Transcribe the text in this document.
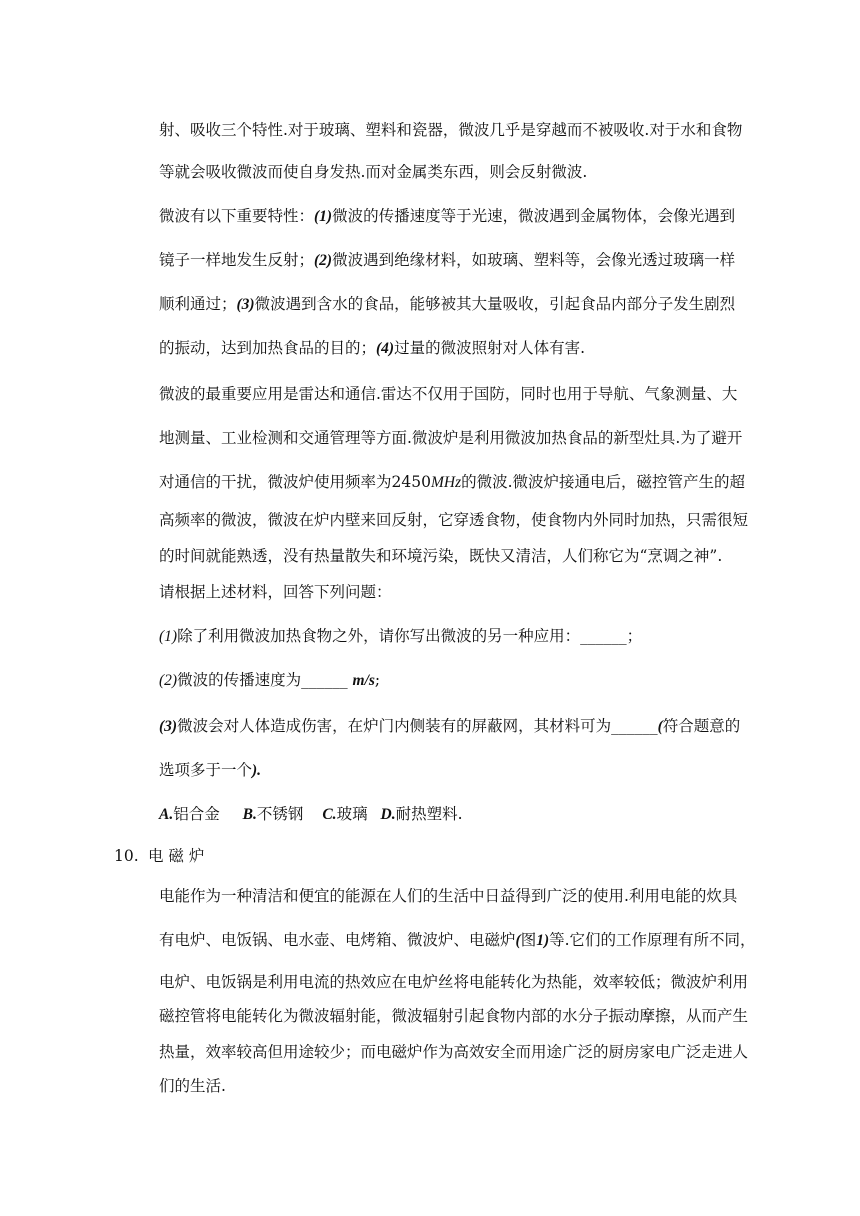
射、吸收三个特性.对于玻璃、塑料和瓷器，微波几乎是穿越而不被吸收.对于水和食物
等就会吸收微波而使自身发热.而对金属类东西，则会反射微波.
微波有以下重要特性：(1)微波的传播速度等于光速，微波遇到金属物体，会像光遇到
镜子一样地发生反射；(2)微波遇到绝缘材料，如玻璃、塑料等，会像光透过玻璃一样
顺利通过；(3)微波遇到含水的食品，能够被其大量吸收，引起食品内部分子发生剧烈
的振动，达到加热食品的目的；(4)过量的微波照射对人体有害.
微波的最重要应用是雷达和通信.雷达不仅用于国防，同时也用于导航、气象测量、大
地测量、工业检测和交通管理等方面.微波炉是利用微波加热食品的新型灶具.为了避开
对通信的干扰，微波炉使用频率为2450MHz的微波.微波炉接通电后，磁控管产生的超
高频率的微波，微波在炉内壁来回反射，它穿透食物，使食物内外同时加热，只需很短
的时间就能熟透，没有热量散失和环境污染，既快又清洁，人们称它为“烹调之神”.
请根据上述材料，回答下列问题：
(1)除了利用微波加热食物之外，请你写出微波的另一种应用：______；
(2)微波的传播速度为______ m/s;
(3)微波会对人体造成伤害，在炉门内侧装有的屏蔽网，其材料可为______(符合题意的
选项多于一个).
A.铝合金 B.不锈钢 C.玻璃 D.耐热塑料.
10. 电 磁 炉
电能作为一种清洁和便宜的能源在人们的生活中日益得到广泛的使用.利用电能的炊具
有电炉、电饭锅、电水壶、电烤箱、微波炉、电磁炉(图1)等.它们的工作原理有所不同，
电炉、电饭锅是利用电流的热效应在电炉丝将电能转化为热能，效率较低；微波炉利用
磁控管将电能转化为微波辐射能，微波辐射引起食物内部的水分子振动摩擦，从而产生
热量，效率较高但用途较少；而电磁炉作为高效安全而用途广泛的厨房家电广泛走进人
们的生活.
